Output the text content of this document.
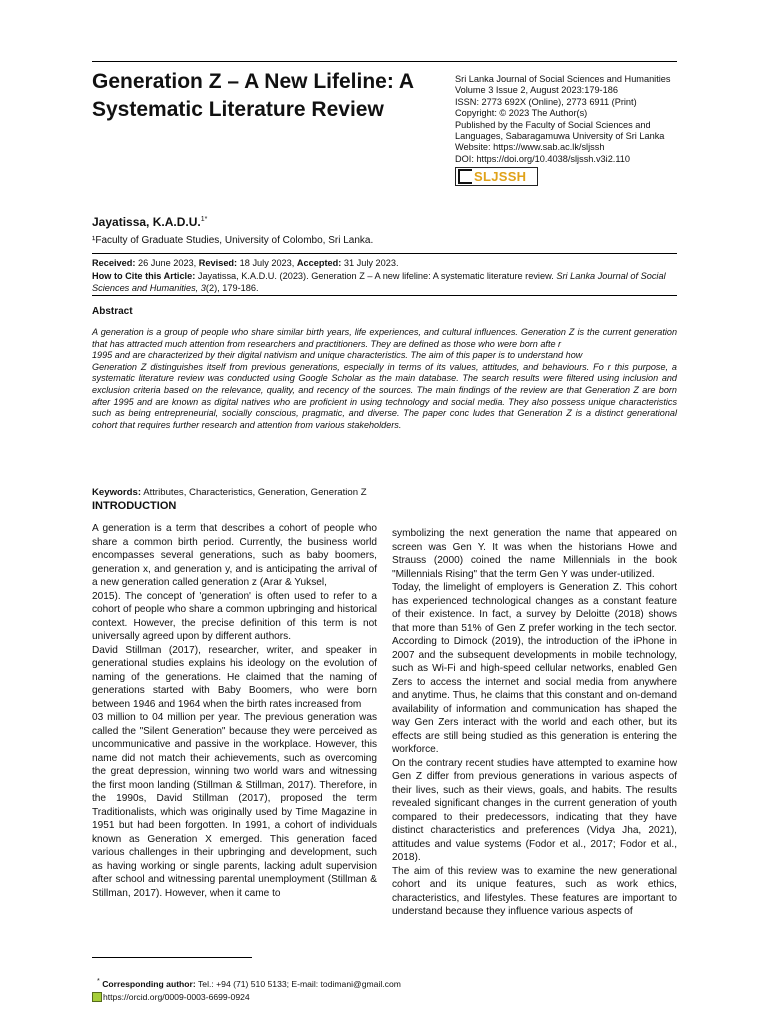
Generation Z – A New Lifeline: A Systematic Literature Review
Sri Lanka Journal of Social Sciences and Humanities
Volume 3 Issue 2, August 2023:179-186
ISSN: 2773 692X (Online), 2773 6911 (Print)
Copyright: © 2023 The Author(s)
Published by the Faculty of Social Sciences and
Languages, Sabaragamuwa University of Sri Lanka
Website: https://www.sab.ac.lk/sljssh
DOI: https://doi.org/10.4038/sljssh.v3i2.110
SLJSSH
Jayatissa, K.A.D.U.$^{1*}$
¹Faculty of Graduate Studies, University of Colombo, Sri Lanka.
Received: 26 June 2023, Revised: 18 July 2023, Accepted: 31 July 2023.
How to Cite this Article: Jayatissa, K.A.D.U. (2023). Generation Z – A new lifeline: A systematic literature review. Sri Lanka Journal of Social Sciences and Humanities, 3(2), 179-186.
Abstract

A generation is a group of people who share similar birth years, life experiences, and cultural influences. Generation Z is the current generation that has attracted much attention from researchers and practitioners. They are defined as those who were born afte r

1995 and are characterized by their digital nativism and unique characteristics. The aim of this paper is to understand how

Generation Z distinguishes itself from previous generations, especially in terms of its values, attitudes, and behaviours. Fo r this purpose, a systematic literature review was conducted using Google Scholar as the main database. The search results were filtered using inclusion and exclusion criteria based on the relevance, quality, and recency of the sources. The main findings of the review are that Generation Z are born after 1995 and are known as digital natives who are proficient in using technology and social media. They also possess unique characteristics such as being entrepreneurial, socially conscious, pragmatic, and diverse. The paper conc ludes that Generation Z is a distinct generational cohort that requires further research and attention from various stakeholders.

Keywords: Attributes, Characteristics, Generation, Generation Z
INTRODUCTION

A generation is a term that describes a cohort of people who share a common birth period. Currently, the business world encompasses several generations, such as baby boomers, generation x, and generation y, and is anticipating the arrival of a new generation called generation z (Arar & Yuksel,

2015). The concept of 'generation' is often used to refer to a cohort of people who share a common upbringing and historical context. However, the precise definition of this term is not universally agreed upon by different authors.

David Stillman (2017), researcher, writer, and speaker in generational studies explains his ideology on the evolution of naming of the generations. He claimed that the naming of generations started with Baby Boomers, who were born between 1946 and 1964 when the birth rates increased from

03 million to 04 million per year. The previous generation was called the "Silent Generation" because they were perceived as uncommunicative and passive in the workplace. However, this name did not match their achievements, such as overcoming the great depression, winning two world wars and witnessing the first moon landing (Stillman & Stillman, 2017). Therefore, in the 1990s, David Stillman (2017), proposed the term Traditionalists, which was originally used by Time Magazine in 1951 but had been forgotten. In 1991, a cohort of individuals known as Generation X emerged. This generation faced various challenges in their upbringing and development, such as having working or single parents, lacking adult supervision after school and witnessing parental unemployment (Stillman & Stillman, 2017). However, when it came to

symbolizing the next generation the name that appeared on screen was Gen Y. It was when the historians Howe and Strauss (2000) coined the name Millennials in the book "Millennials Rising" that the term Gen Y was under-utilized.

Today, the limelight of employers is Generation Z. This cohort has experienced technological changes as a constant feature of their existence. In fact, a survey by Deloitte (2018) shows that more than 51% of Gen Z prefer working in the tech sector. According to Dimock (2019), the introduction of the iPhone in 2007 and the subsequent developments in mobile technology, such as Wi-Fi and high-speed cellular networks, enabled Gen Zers to access the internet and social media from anywhere and anytime. Thus, he claims that this constant and on-demand availability of information and communication has shaped the way Gen Zers interact with the world and each other, but its effects are still being studied as this generation is entering the workforce.

On the contrary recent studies have attempted to examine how Gen Z differ from previous generations in various aspects of their lives, such as their views, goals, and habits. The results revealed significant changes in the current generation of youth compared to their predecessors, indicating that they have distinct characteristics and preferences (Vidya Jha, 2021), attitudes and value systems (Fodor et al., 2017; Fodor et al., 2018).

The aim of this review was to examine the new generational cohort and its unique features, such as work ethics, characteristics, and lifestyles. These features are important to understand because they influence various aspects of

* Corresponding author: Tel.: +94 (71) 510 5133; E-mail: todimani@gmail.com
https://orcid.org/0009-0003-6699-0924
